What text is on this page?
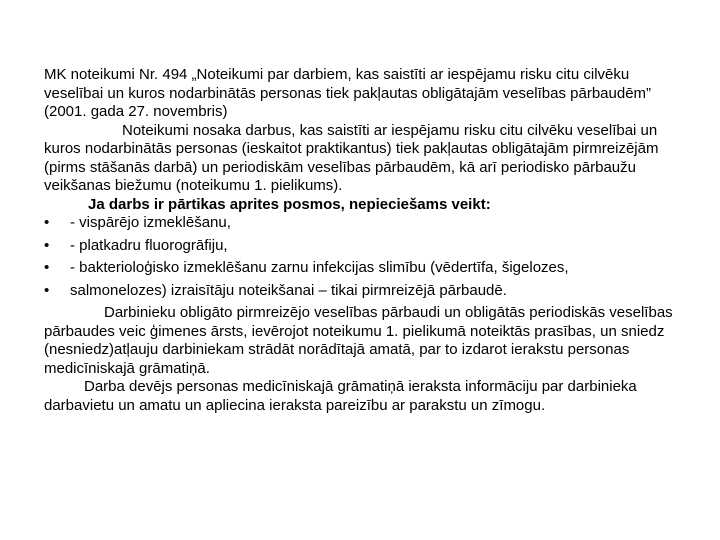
MK noteikumi Nr. 494 „Noteikumi par darbiem, kas saistīti ar iespējamu risku citu cilvēku veselībai un kuros nodarbinātās personas tiek pakļautas obligātajām veselības pārbaudēm” (2001. gada 27. novembris)

Noteikumi nosaka darbus, kas saistīti ar iespējamu risku citu cilvēku veselībai un kuros nodarbinātās personas (ieskaitot praktikantus) tiek pakļautas obligātajām pirmreizējām (pirms stāšanās darbā) un periodiskām veselības pārbaudēm, kā arī periodisko pārbaužu veikšanas biežumu (noteikumu 1. pielikums).

Ja darbs ir pārtikas aprites posmos, nepieciešams veikt:

• - vispārējo izmeklēšanu,
• - platkadru fluorogrāfiju,
• - bakterioloģisko izmeklēšanu zarnu infekcijas slimību (vēdertīfa, šigelozes,
• salmonelozes) izraisītāju noteikšanai – tikai pirmreizējā pārbaudē.

Darbinieku obligāto pirmreizējo veselības pārbaudi un obligātās periodiskās veselības pārbaudes veic ģimenes ārsts, ievērojot noteikumu 1. pielikumā noteiktās prasības, un sniedz (nesniedz)atļauju darbiniekam strādāt norādītajā amatā, par to izdarot ierakstu personas medicīniskajā grāmatiņā.

Darba devējs personas medicīniskajā grāmatiņā ieraksta informāciju par darbinieka

darbavietu un amatu un apliecina ieraksta pareizību ar parakstu un zīmogu.
